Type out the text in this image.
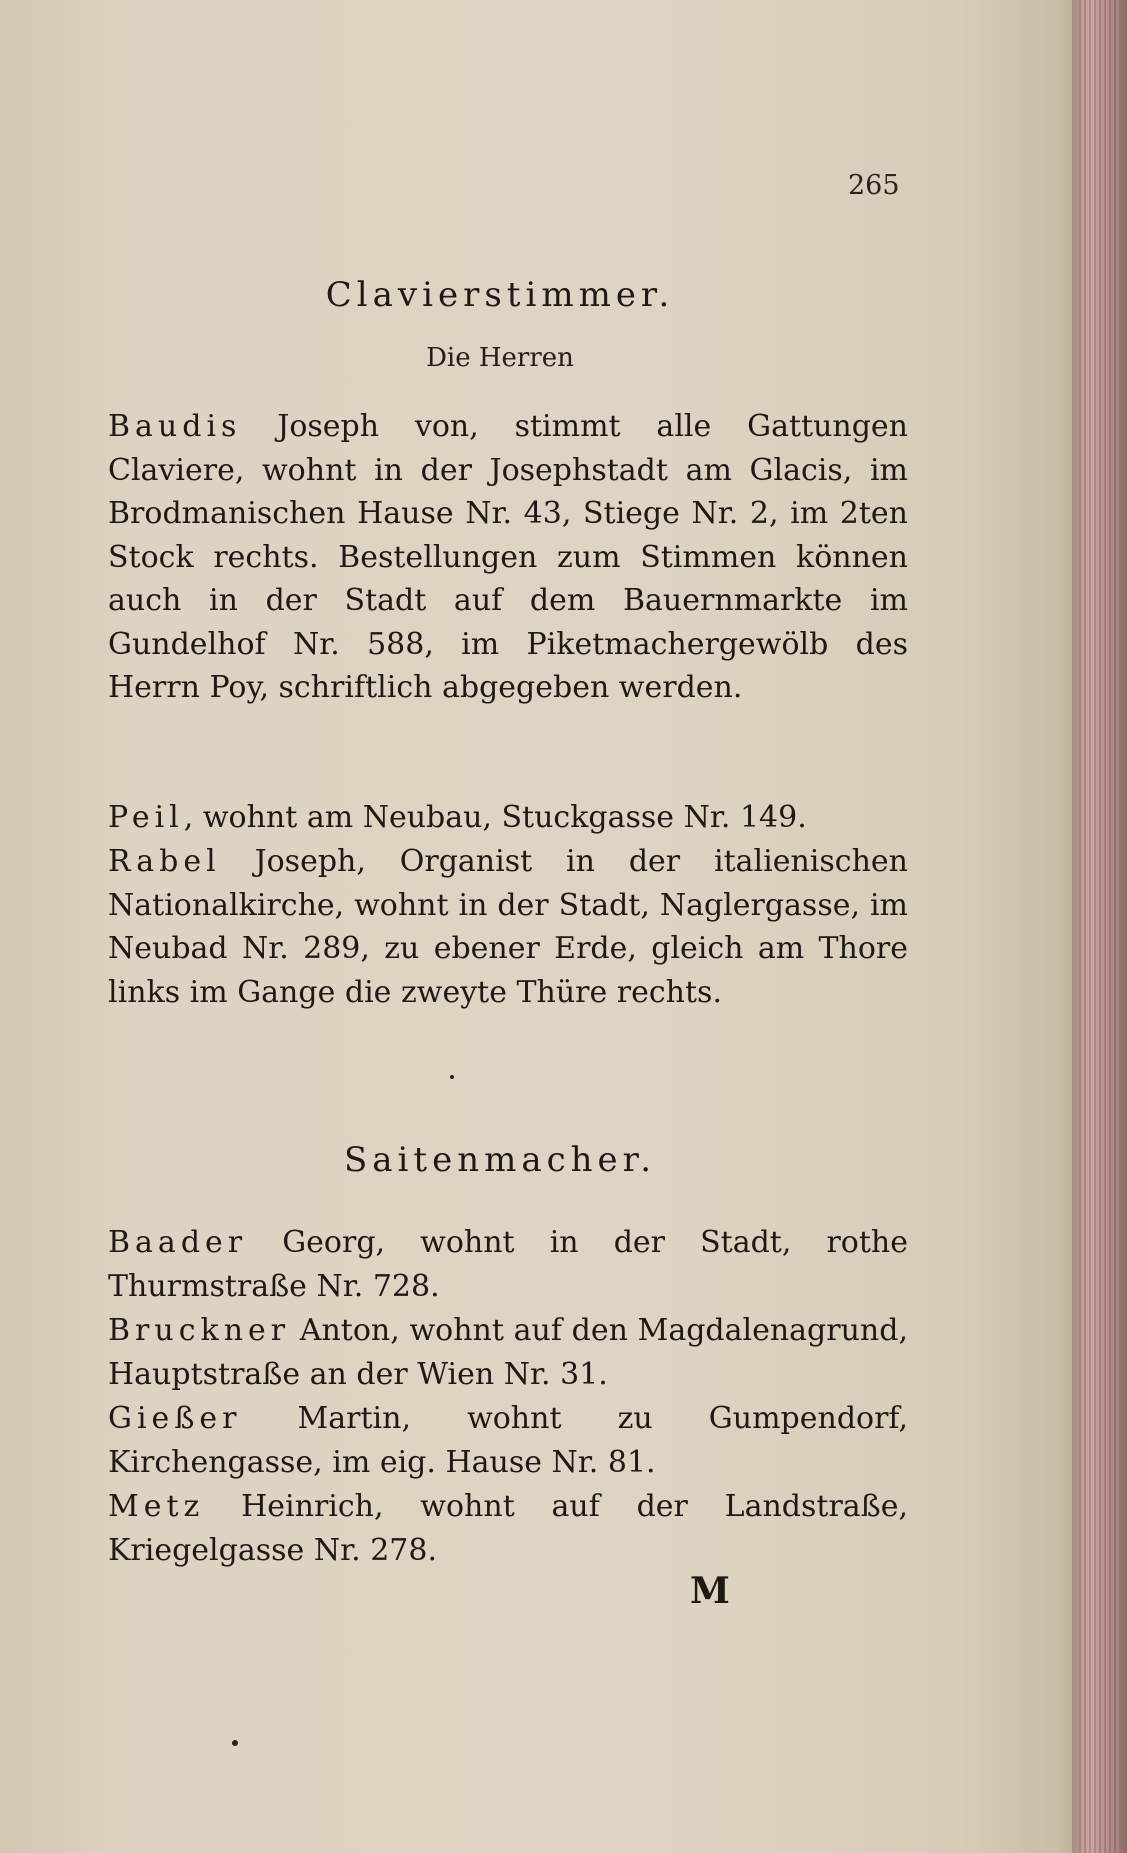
265
Clavierstimmer.
Die Herren
Baudis Joseph von, stimmt alle Gattungen Claviere, wohnt in der Josephstadt am Glacis, im Brodmanischen Hause Nr. 43, Stiege Nr. 2, im 2ten Stock rechts. Bestellungen zum Stimmen können auch in der Stadt auf dem Bauernmarkte im Gundelhof Nr. 588, im Piketmachergewölb des Herrn Poy, schriftlich abgegeben werden.
Peil, wohnt am Neubau, Stuckgasse Nr. 149.
Rabel Joseph, Organist in der italienischen Nationalkirche, wohnt in der Stadt, Naglergasse, im Neubad Nr. 289, zu ebener Erde, gleich am Thore links im Gange die zweyte Thüre rechts.
Saitenmacher.
Baader Georg, wohnt in der Stadt, rothe Thurmstraße Nr. 728.
Bruckner Anton, wohnt auf den Magdalenagrund, Hauptstraße an der Wien Nr. 31.
Gießer Martin, wohnt zu Gumpendorf, Kirchengasse, im eig. Hause Nr. 81.
Metz Heinrich, wohnt auf der Landstraße, Kriegelgasse Nr. 278.
M
